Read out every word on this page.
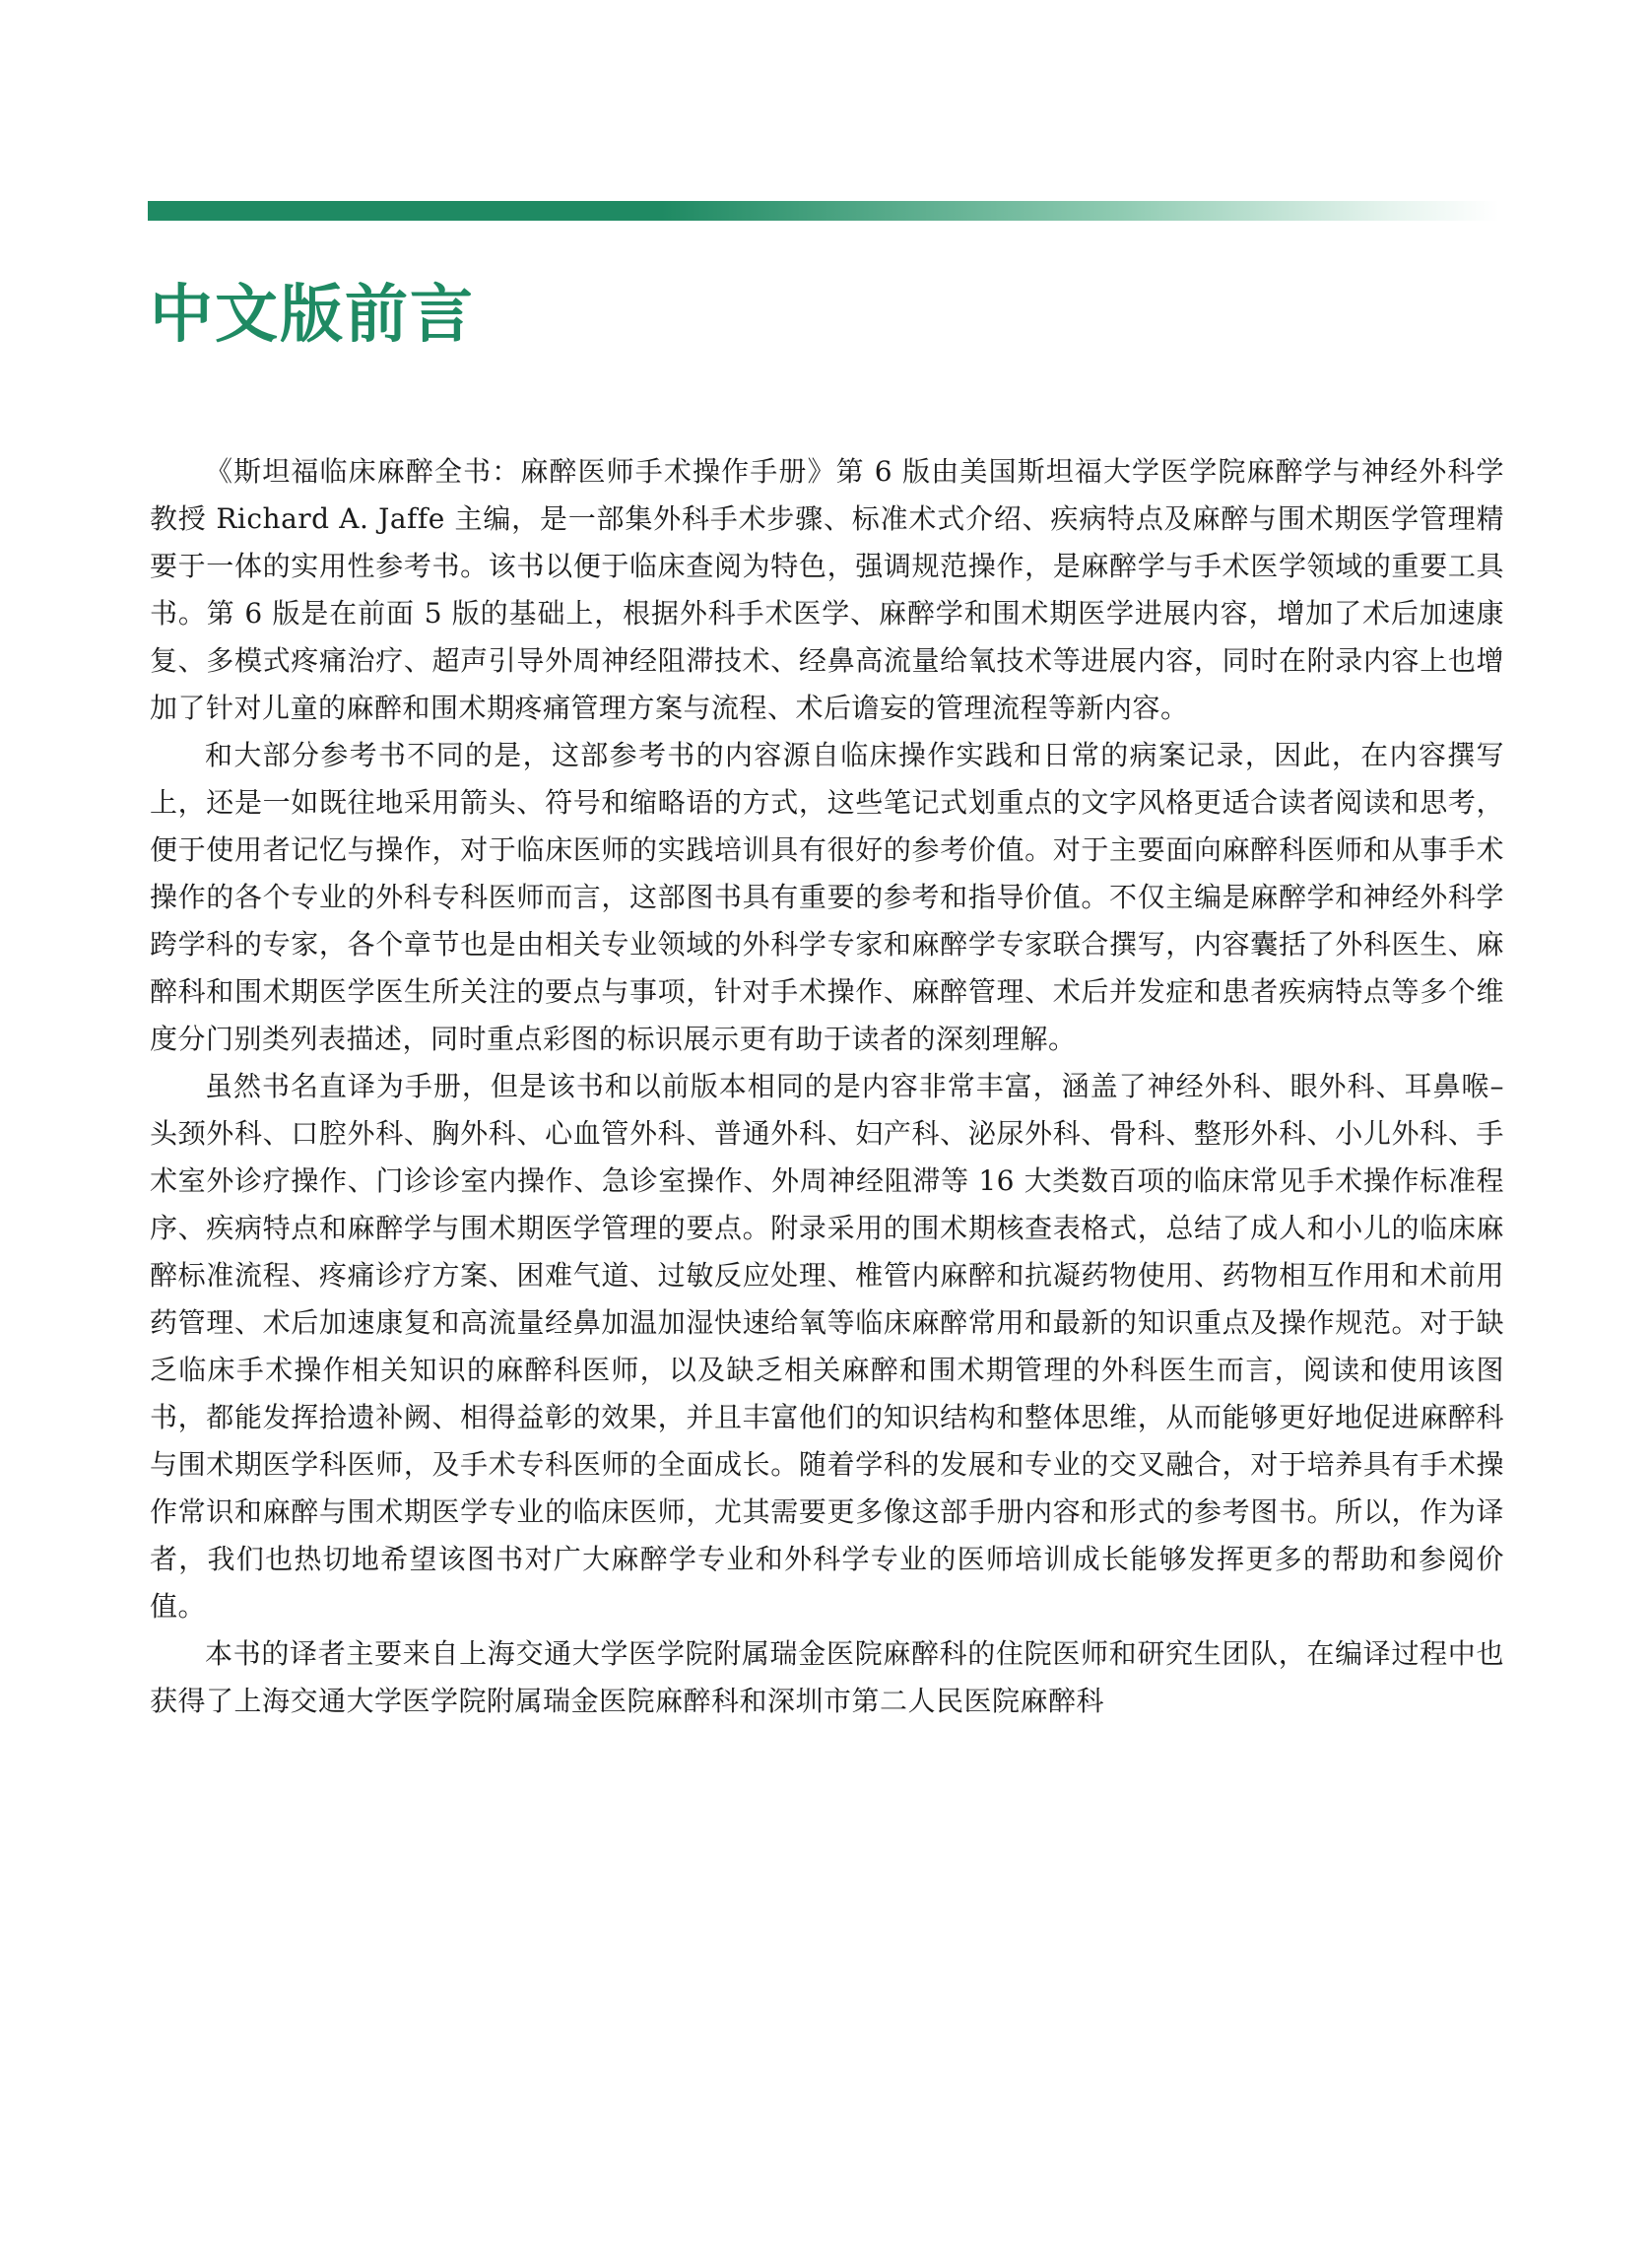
中文版前言

《斯坦福临床麻醉全书：麻醉医师手术操作手册》第 6 版由美国斯坦福大学医学院麻醉学与神经外科学教授 Richard A. Jaffe 主编，是一部集外科手术步骤、标准术式介绍、疾病特点及麻醉与围术期医学管理精要于一体的实用性参考书。该书以便于临床查阅为特色，强调规范操作，是麻醉学与手术医学领域的重要工具书。第 6 版是在前面 5 版的基础上，根据外科手术医学、麻醉学和围术期医学进展内容，增加了术后加速康复、多模式疼痛治疗、超声引导外周神经阻滞技术、经鼻高流量给氧技术等进展内容，同时在附录内容上也增加了针对儿童的麻醉和围术期疼痛管理方案与流程、术后谵妄的管理流程等新内容。

和大部分参考书不同的是，这部参考书的内容源自临床操作实践和日常的病案记录，因此，在内容撰写上，还是一如既往地采用箭头、符号和缩略语的方式，这些笔记式划重点的文字风格更适合读者阅读和思考，便于使用者记忆与操作，对于临床医师的实践培训具有很好的参考价值。对于主要面向麻醉科医师和从事手术操作的各个专业的外科专科医师而言，这部图书具有重要的参考和指导价值。不仅主编是麻醉学和神经外科学跨学科的专家，各个章节也是由相关专业领域的外科学专家和麻醉学专家联合撰写，内容囊括了外科医生、麻醉科和围术期医学医生所关注的要点与事项，针对手术操作、麻醉管理、术后并发症和患者疾病特点等多个维度分门别类列表描述，同时重点彩图的标识展示更有助于读者的深刻理解。

虽然书名直译为手册，但是该书和以前版本相同的是内容非常丰富，涵盖了神经外科、眼外科、耳鼻喉–头颈外科、口腔外科、胸外科、心血管外科、普通外科、妇产科、泌尿外科、骨科、整形外科、小儿外科、手术室外诊疗操作、门诊诊室内操作、急诊室操作、外周神经阻滞等 16 大类数百项的临床常见手术操作标准程序、疾病特点和麻醉学与围术期医学管理的要点。附录采用的围术期核查表格式，总结了成人和小儿的临床麻醉标准流程、疼痛诊疗方案、困难气道、过敏反应处理、椎管内麻醉和抗凝药物使用、药物相互作用和术前用药管理、术后加速康复和高流量经鼻加温加湿快速给氧等临床麻醉常用和最新的知识重点及操作规范。对于缺乏临床手术操作相关知识的麻醉科医师，以及缺乏相关麻醉和围术期管理的外科医生而言，阅读和使用该图书，都能发挥拾遗补阙、相得益彰的效果，并且丰富他们的知识结构和整体思维，从而能够更好地促进麻醉科与围术期医学科医师，及手术专科医师的全面成长。随着学科的发展和专业的交叉融合，对于培养具有手术操作常识和麻醉与围术期医学专业的临床医师，尤其需要更多像这部手册内容和形式的参考图书。所以，作为译者，我们也热切地希望该图书对广大麻醉学专业和外科学专业的医师培训成长能够发挥更多的帮助和参阅价值。

本书的译者主要来自上海交通大学医学院附属瑞金医院麻醉科的住院医师和研究生团队，在编译过程中也获得了上海交通大学医学院附属瑞金医院麻醉科和深圳市第二人民医院麻醉科
